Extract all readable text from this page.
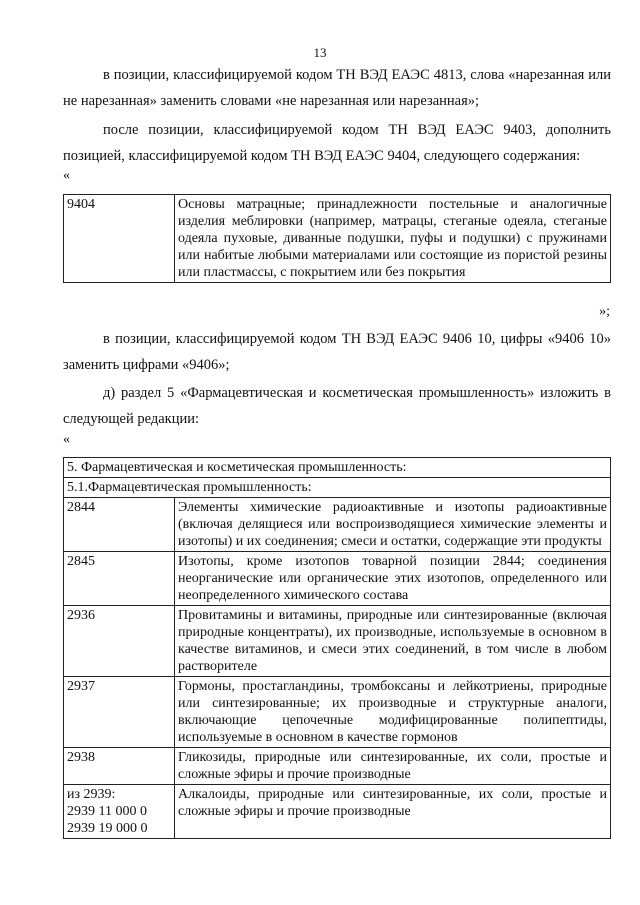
13

в позиции, классифицируемой кодом ТН ВЭД ЕАЭС 4813, слова «нарезанная или не нарезанная» заменить словами «не нарезанная или нарезанная»;

после позиции, классифицируемой кодом ТН ВЭД ЕАЭС 9403, дополнить позицией, классифицируемой кодом ТН ВЭД ЕАЭС 9404, следующего содержания:

«
9404	Основы матрацные; принадлежности постельные и аналогичные изделия меблировки (например, матрацы, стеганые одеяла, стеганые одеяла пуховые, диванные подушки, пуфы и подушки) с пружинами или набитые любыми материалами или состоящие из пористой резины или пластмассы, с покрытием или без покрытия
»;

в позиции, классифицируемой кодом ТН ВЭД ЕАЭС 9406 10, цифры «9406 10» заменить цифрами «9406»;

д) раздел 5 «Фармацевтическая и косметическая промышленность» изложить в следующей редакции:

«
5. Фармацевтическая и косметическая промышленность:	
5.1.Фармацевтическая промышленность:	
2844	Элементы химические радиоактивные и изотопы радиоактивные (включая делящиеся или воспроизводящиеся химические элементы и изотопы) и их соединения; смеси и остатки, содержащие эти продукты
2845	Изотопы, кроме изотопов товарной позиции 2844; соединения неорганические или органические этих изотопов, определенного или неопределенного химического состава
2936	Провитамины и витамины, природные или синтезированные (включая природные концентраты), их производные, используемые в основном в качестве витаминов, и смеси этих соединений, в том числе в любом растворителе
2937	Гормоны, простагландины, тромбоксаны и лейкотриены, природные или синтезированные; их производные и структурные аналоги, включающие цепочечные модифицированные полипептиды, используемые в основном в качестве гормонов
2938	Гликозиды, природные или синтезированные, их соли, простые и сложные эфиры и прочие производные

из 2939:
2939 11 000 0
2939 19 000 0	Алкалоиды, природные или синтезированные, их соли, простые и сложные эфиры и прочие производные
